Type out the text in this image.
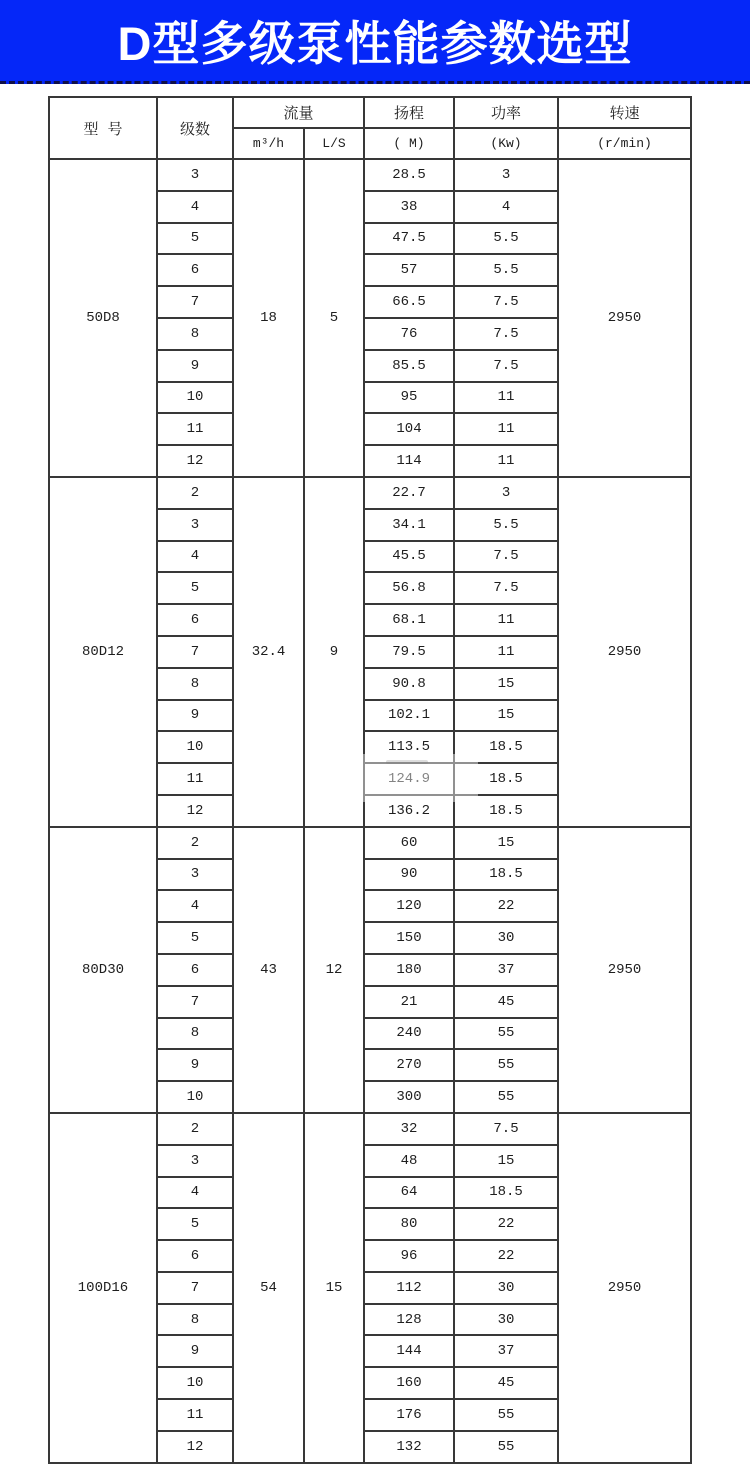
D型多级泵性能参数选型
型 号	级数	流量		扬程	功率	转速
		m³/h	L/S	( M)	(Kw)	(r/min)
50D8	3	18	5	28.5	3	2950
	4			38	4	
	5			47.5	5.5	
	6			57	5.5	
	7			66.5	7.5	
	8			76	7.5	
	9			85.5	7.5	
	10			95	11	
	11			104	11	
	12			114	11	
80D12	2	32.4	9	22.7	3	2950
	3			34.1	5.5	
	4			45.5	7.5	
	5			56.8	7.5	
	6			68.1	11	
	7			79.5	11	
	8			90.8	15	
	9			102.1	15	
	10			113.5	18.5	
	11			124.9	18.5	
	12			136.2	18.5	
80D30	2	43	12	60	15	2950
	3			90	18.5	
	4			120	22	
	5			150	30	
	6			180	37	
	7			21	45	
	8			240	55	
	9			270	55	
	10			300	55	
100D16	2	54	15	32	7.5	2950
	3			48	15	
	4			64	18.5	
	5			80	22	
	6			96	22	
	7			112	30	
	8			128	30	
	9			144	37	
	10			160	45	
	11			176	55	
	12			132	55	
